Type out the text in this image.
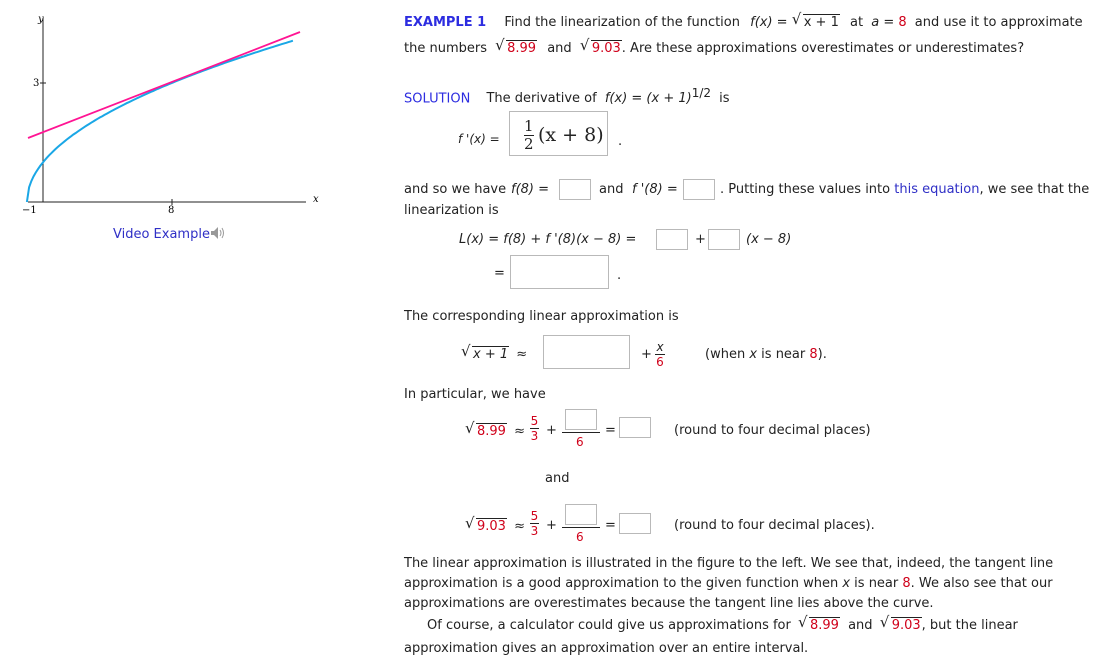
y
x
3
−1	8
Video Example
EXAMPLE 1 Find the linearization of the function f(x) = √ x + 1 at a = 8 and use it to approximate
the numbers √ 8.99 and √ 9.03. Are these approximations overestimates or underestimates?
SOLUTION The derivative of $f(x) = (x + 1)^{1/2}$ is
f '(x) =
1
2 (x + 8) .
and so we have f(8) =	and f '(8) =	. Putting these values into this equation, we see that the
linearization is
L(x) = f(8) + f '(8)(x − 8) =	+	(x − 8)
=	.
The corresponding linear approximation is
√ x + 1 ≈	+ x
6	(when x is near 8).
In particular, we have
√ 8.99 ≈
5
3 +
6
=	(round to four decimal places)
and
√ 9.03 ≈
5
3 +
6
=	(round to four decimal places).
The linear approximation is illustrated in the figure to the left. We see that, indeed, the tangent line
approximation is a good approximation to the given function when x is near 8. We also see that our
approximations are overestimates because the tangent line lies above the curve.
Of course, a calculator could give us approximations for √ 8.99 and √ 9.03, but the linear
approximation gives an approximation over an entire interval.
